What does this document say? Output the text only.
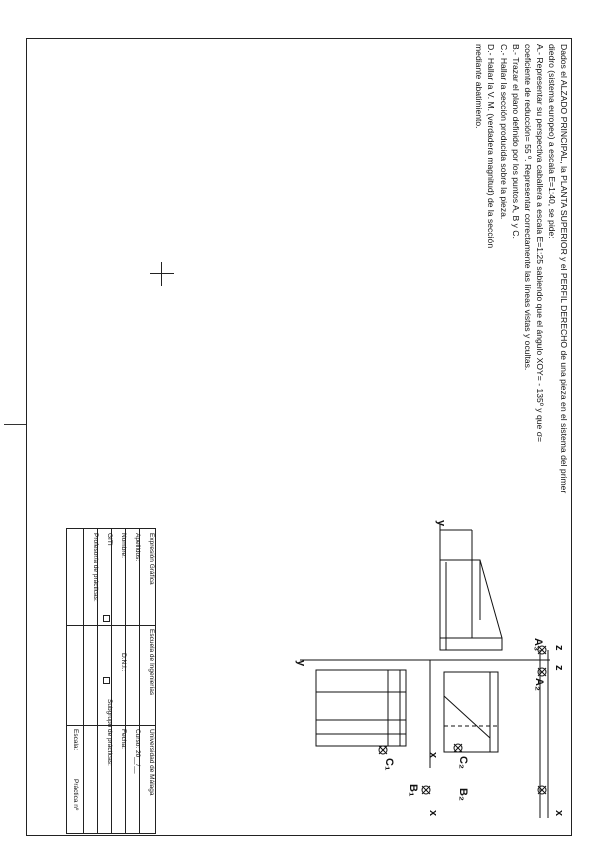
Dados el ALZADO PRINCIPAL, la PLANTA SUPERIOR y el PERFIL DERECHO de una pieza en el sistema del primer

diedro (sistema europeo) a escala E=1:40, se pide:

A.- Representar su perspectiva caballera a escala E=1:25 sabiendo que el ángulo XOY= - 135º y que σ=

coeficiente de reducción= 55 º. Representar correctamente las líneas vistas y ocultas.

B.- Trazar el plano definido por los puntos A, B y C.

C.- Hallar la sección producida sobre la pieza.

D.- Hallar la V. M. (verdadera magnitud) de la sección

mediante abatimiento.

y
y
z
z
A₃
A₂
x
C₂
C₁
B₂
B₁
x	x
Expresión Gráfica
Escuela de Ingenierías
Universidad de Málaga
Apellidos:
Curso: 20__/__
Nombre:
D.N.I.:
Fecha:
GITI
Subgrupo de prácticas:
Profesor/a de prácticas:
Escala:
Práctica nº
